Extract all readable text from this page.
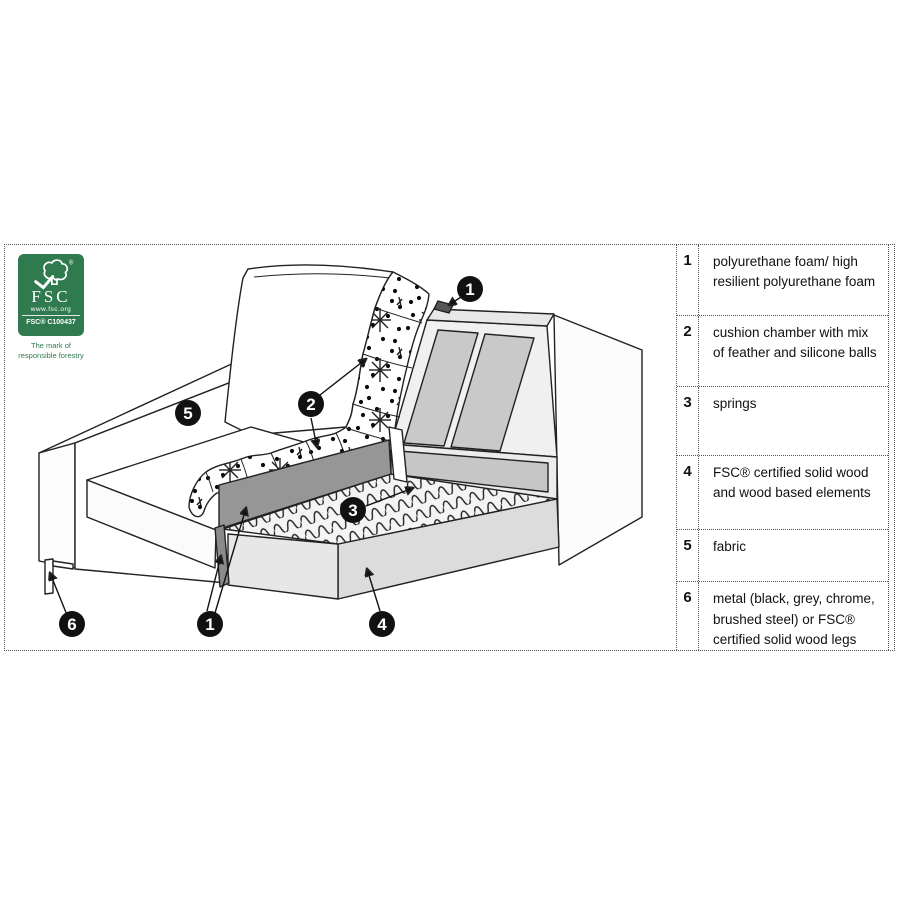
1
2
3
5
1	4
6
®
FSC
www.fsc.org
FSC® C100437
The mark of
responsible forestry
1	polyurethane foam/ high resilient polyurethane foam
2	cushion chamber with mix of feather and silicone balls
3	springs
4	FSC® certified solid wood and wood based elements
5	fabric
6	metal (black, grey, chrome, brushed steel) or FSC® certified solid wood legs
